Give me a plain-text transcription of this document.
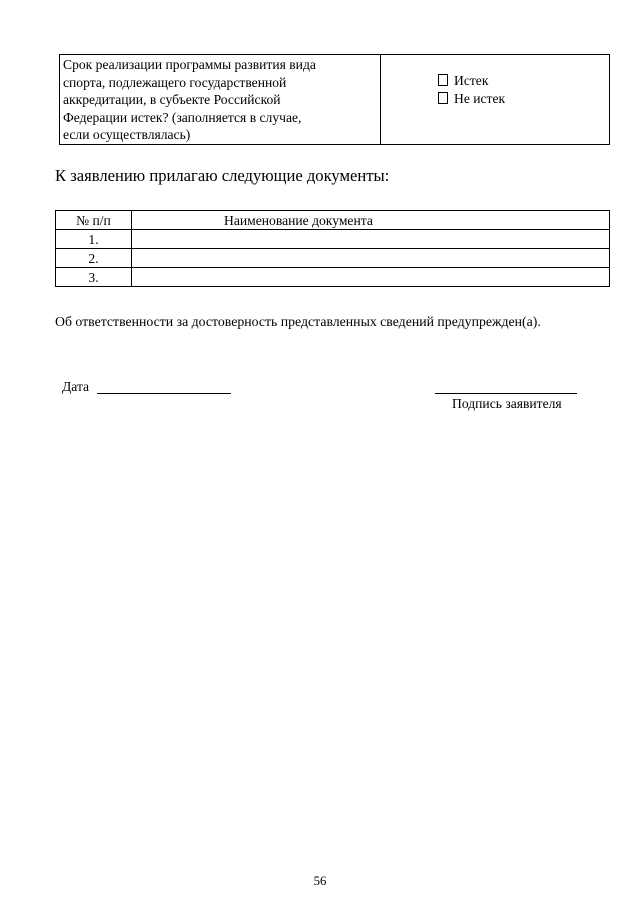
Срок реализации программы развития вида
спорта, подлежащего государственной
аккредитации, в субъекте Российской
Федерации истек? (заполняется в случае,
если осуществлялась)

Истек
Не истек
К заявлению прилагаю следующие документы:
№ п/п	Наименование документа
1.	
2.	
3.	
Об ответственности за достоверность представленных сведений предупрежден(а).
Дата
Подпись заявителя
56
